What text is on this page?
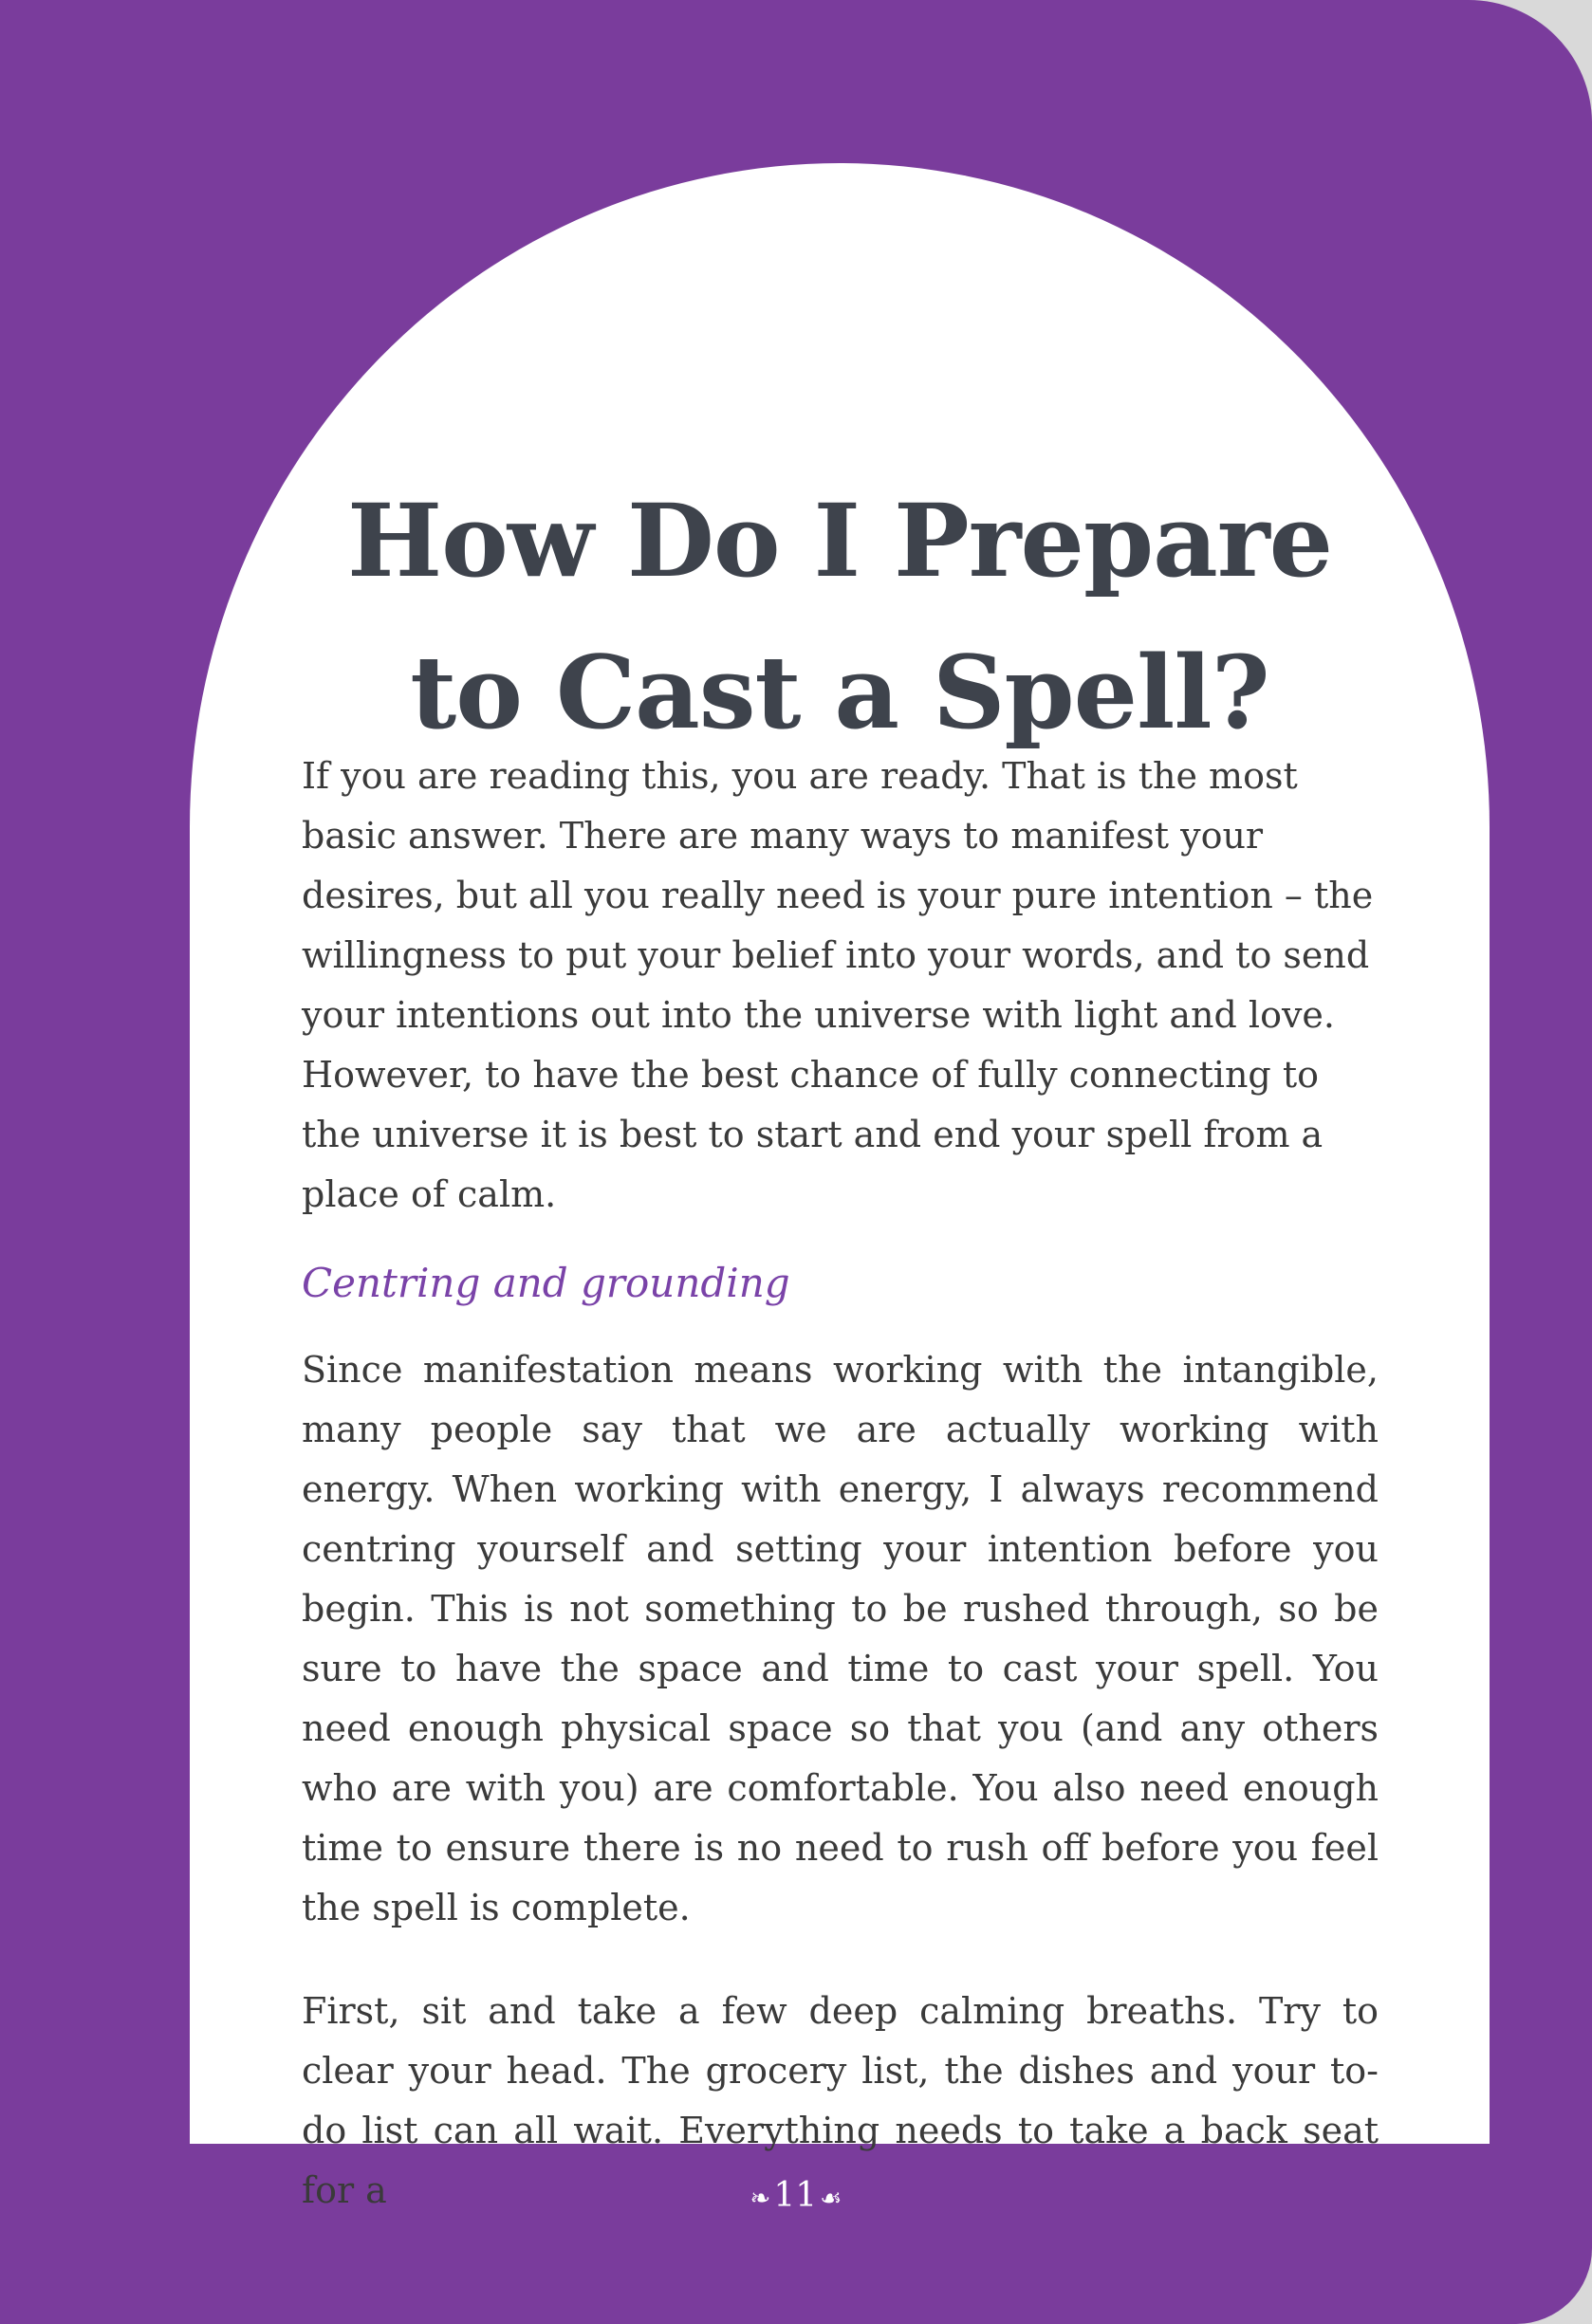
How Do I Prepare
to Cast a Spell?

If you are reading this, you are ready. That is the most basic answer. There are many ways to manifest your desires, but all you really need is your pure intention – the willingness to put your belief into your words, and to send your intentions out into the universe with light and love. However, to have the best chance of fully connecting to the universe it is best to start and end your spell from a place of calm.

Centring and grounding

Since manifestation means working with the intangible, many people say that we are actually working with energy. When working with energy, I always recommend centring yourself and setting your intention before you begin. This is not something to be rushed through, so be sure to have the space and time to cast your spell. You need enough physical space so that you (and any others who are with you) are comfortable. You also need enough time to ensure there is no need to rush off before you feel the spell is complete.

First, sit and take a few deep calming breaths. Try to clear your head. The grocery list, the dishes and your to-do list can all wait. Everything needs to take a back seat for a	❧11 ☙
